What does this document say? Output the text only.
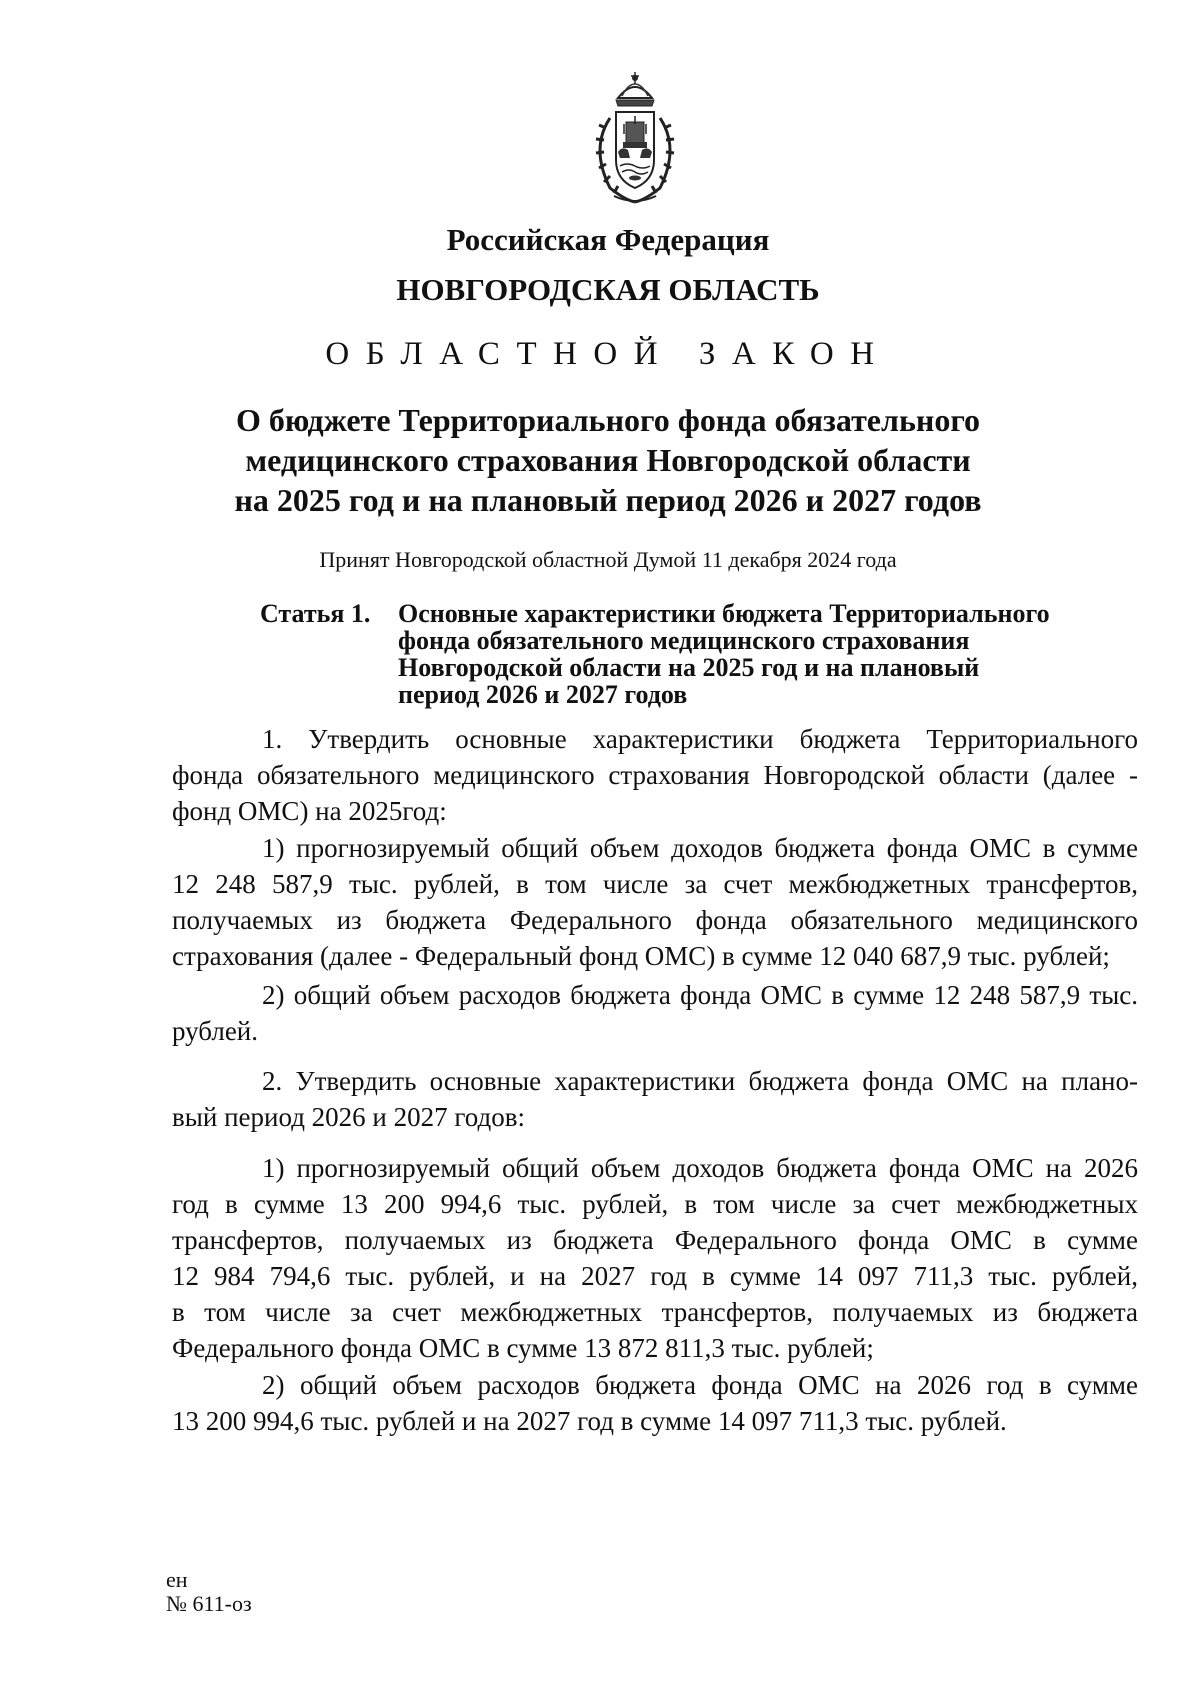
Российская Федерация
НОВГОРОДСКАЯ ОБЛАСТЬ
ОБЛАСТНОЙ ЗАКОН
О бюджете Территориального фонда обязательного
медицинского страхования Новгородской области
на 2025 год и на плановый период 2026 и 2027 годов
Принят Новгородской областной Думой 11 декабря 2024 года
Статья 1. Основные характеристики бюджета Территориального
фонда обязательного медицинского страхования
Новгородской области на 2025 год и на плановый
период 2026 и 2027 годов
1. Утвердить основные характеристики бюджета Территориального
фонда обязательного медицинского страхования Новгородской области (далее -
фонд ОМС) на 2025год:
1) прогнозируемый общий объем доходов бюджета фонда ОМС в сумме
12 248 587,9 тыс. рублей, в том числе за счет межбюджетных трансфертов,
получаемых из бюджета Федерального фонда обязательного медицинского
страхования (далее - Федеральный фонд ОМС) в сумме 12 040 687,9 тыс. рублей;
2) общий объем расходов бюджета фонда ОМС в сумме 12 248 587,9 тыс.
рублей.
2. Утвердить основные характеристики бюджета фонда ОМС на плано-
вый период 2026 и 2027 годов:
1) прогнозируемый общий объем доходов бюджета фонда ОМС на 2026
год в сумме 13 200 994,6 тыс. рублей, в том числе за счет межбюджетных
трансфертов, получаемых из бюджета Федерального фонда ОМС в сумме
12 984 794,6 тыс. рублей, и на 2027 год в сумме 14 097 711,3 тыс. рублей,
в том числе за счет межбюджетных трансфертов, получаемых из бюджета
Федерального фонда ОМС в сумме 13 872 811,3 тыс. рублей;
2) общий объем расходов бюджета фонда ОМС на 2026 год в сумме
13 200 994,6 тыс. рублей и на 2027 год в сумме 14 097 711,3 тыс. рублей.
ен
№ 611-оз
